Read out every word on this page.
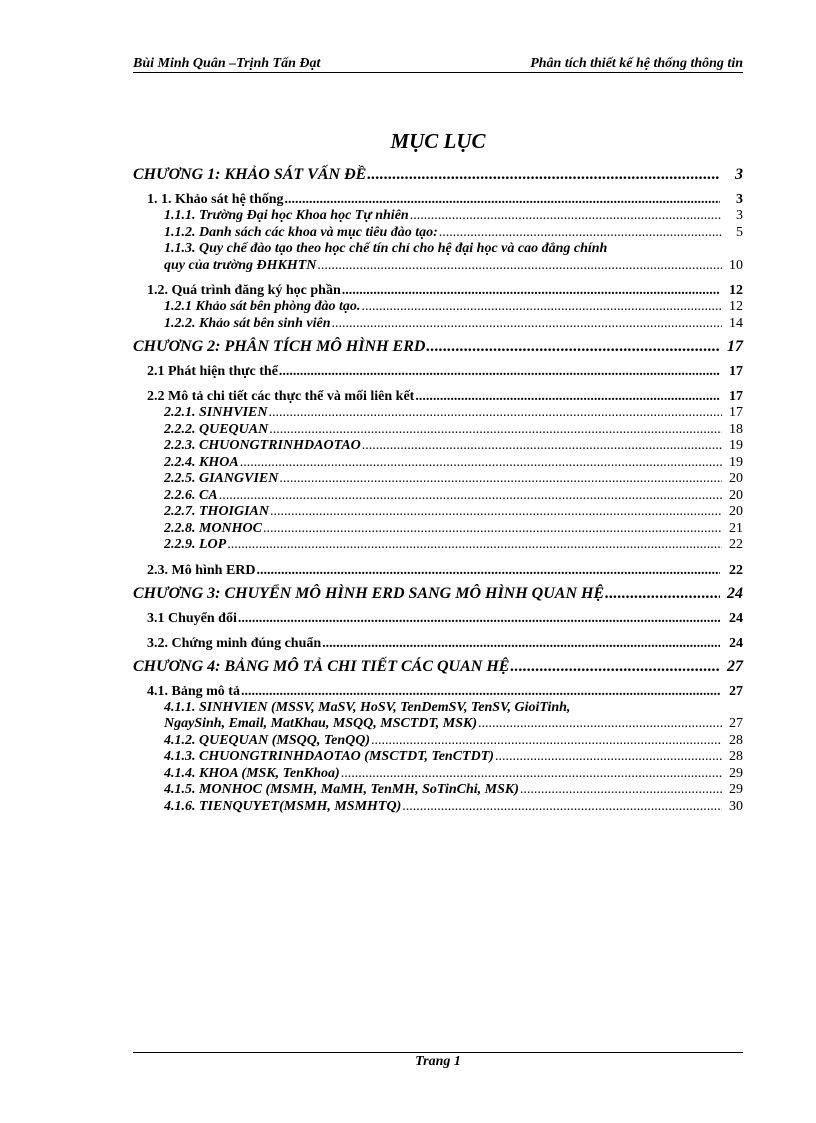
Bùi Minh Quân –Trịnh Tấn Đạt	Phân tích thiết kế hệ thống thông tin
MỤC LỤC
CHƯƠNG 1: KHẢO SÁT VẤN ĐỀ .....	3
1. 1. Khảo sát hệ thống .....	3
1.1.1. Trường Đại học Khoa học Tự nhiên .....	3
1.1.2. Danh sách các khoa và mục tiêu đào tạo: .....	5
1.1.3. Quy chế đào tạo theo học chế tín chỉ cho hệ đại học và cao đẳng chính
quy của trường ĐHKHTN .....	10
1.2. Quá trình đăng ký học phần .....	12
1.2.1 Khảo sát bên phòng đào tạo. .....	12
1.2.2. Khảo sát bên sinh viên .....	14
CHƯƠNG 2: PHÂN TÍCH MÔ HÌNH ERD .....	17
2.1 Phát hiện thực thể .....	17
2.2 Mô tả chi tiết các thực thể và mối liên kết .....	17
2.2.1. SINHVIEN .....	17
2.2.2. QUEQUAN .....	18
2.2.3. CHUONGTRINHDAOTAO .....	19
2.2.4. KHOA .....	19
2.2.5. GIANGVIEN .....	20
2.2.6. CA .....	20
2.2.7. THOIGIAN .....	20
2.2.8. MONHOC .....	21
2.2.9. LOP .....	22
2.3. Mô hình ERD .....	22
CHƯƠNG 3: CHUYỂN MÔ HÌNH ERD SANG MÔ HÌNH QUAN HỆ .....	24
3.1 Chuyển đổi .....	24
3.2. Chứng minh đúng chuẩn .....	24
CHƯƠNG 4: BẢNG MÔ TẢ CHI TIẾT CÁC QUAN HỆ .....	27
4.1. Bảng mô tả .....	27
4.1.1. SINHVIEN (MSSV, MaSV, HoSV, TenDemSV, TenSV, GioiTinh,
NgaySinh, Email, MatKhau, MSQQ, MSCTDT, MSK) .....	27
4.1.2. QUEQUAN (MSQQ, TenQQ) .....	28
4.1.3. CHUONGTRINHDAOTAO (MSCTDT, TenCTDT) .....	28
4.1.4. KHOA (MSK, TenKhoa) .....	29
4.1.5. MONHOC (MSMH, MaMH, TenMH, SoTinChi, MSK) .....	29
4.1.6. TIENQUYET(MSMH, MSMHTQ) .....	30
Trang 1
